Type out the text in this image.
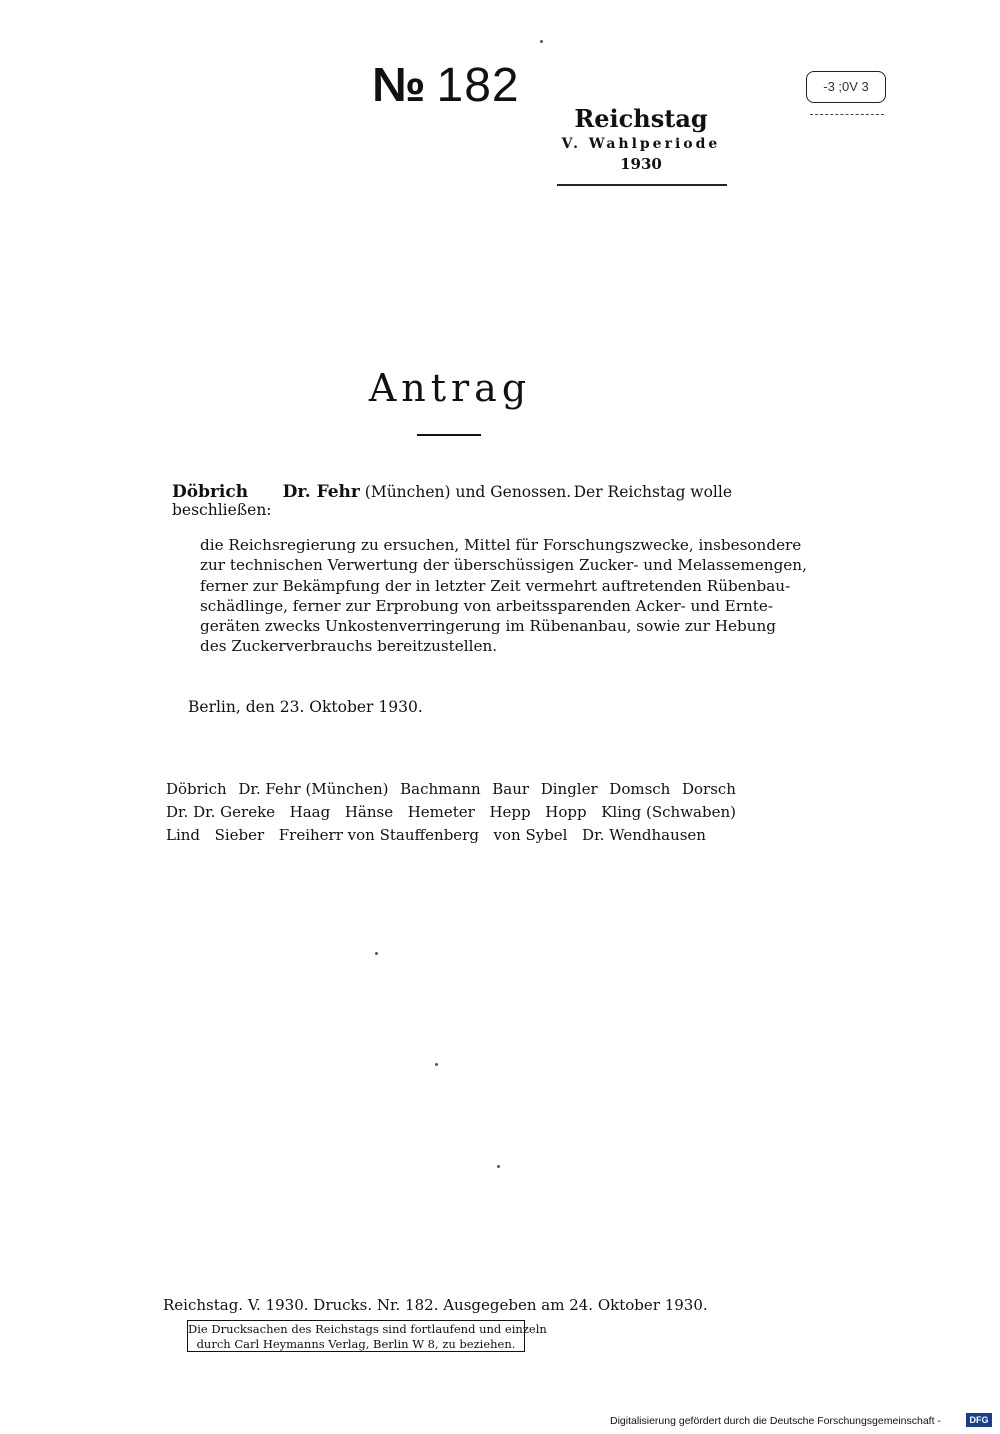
№ 182	-3 ;0V 3
Reichstag
V. Wahlperiode
1930
Antrag
Döbrich Dr. Fehr (München) und Genossen. Der Reichstag wolle
beschließen:
die Reichsregierung zu ersuchen, Mittel für Forschungszwecke, insbesondere
zur technischen Verwertung der überschüssigen Zucker- und Melassemengen,
ferner zur Bekämpfung der in letzter Zeit vermehrt auftretenden Rübenbau-
schädlinge, ferner zur Erprobung von arbeitssparenden Acker- und Ernte-
geräten zwecks Unkostenverringerung im Rübenanbau, sowie zur Hebung
des Zuckerverbrauchs bereitzustellen.
Berlin, den 23. Oktober 1930.
Döbrich Dr. Fehr (München) Bachmann Baur Dingler Domsch Dorsch
Dr. Dr. Gereke Haag Hänse Hemeter Hepp Hopp Kling (Schwaben)
Lind Sieber Freiherr von Stauffenberg von Sybel Dr. Wendhausen
Reichstag. V. 1930. Drucks. Nr. 182. Ausgegeben am 24. Oktober 1930.
Die Drucksachen des Reichstags sind fortlaufend und einzeln
durch Carl Heymanns Verlag, Berlin W 8, zu beziehen.
Digitalisierung gefördert durch die Deutsche Forschungsgemeinschaft -	DFG
